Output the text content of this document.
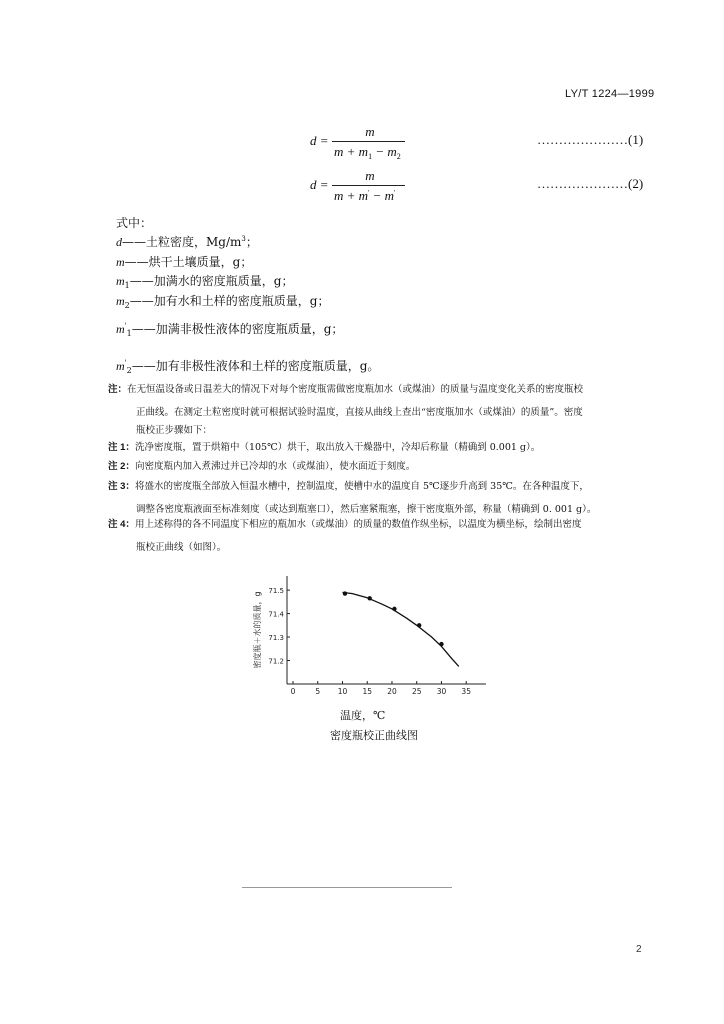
LY/T 1224—1999
d =
m
$m + m_1 - m_2$
…………………(1)
d =
m
m + m' − m'
…………………(2)
式中：
d——土粒密度，$Mg/m^3$；
m——烘干土壤质量，g；
$m_1——$加满水的密度瓶质量，g；
$m_2——$加有水和土样的密度瓶质量，g；
$m'_1——$加满非极性液体的密度瓶质量，g；
$m'_2——$加有非极性液体和土样的密度瓶质量，g。
注：在无恒温设备或日温差大的情况下对每个密度瓶需做密度瓶加水（或煤油）的质量与温度变化关系的密度瓶校
正曲线。在测定土粒密度时就可根据试验时温度，直接从曲线上查出“密度瓶加水（或煤油）的质量”。密度
瓶校正步骤如下：
注 1：洗净密度瓶，置于烘箱中（105℃）烘干，取出放入干燥器中，冷却后称量（精确到 0.001 g）。
注 2：向密度瓶内加入煮沸过并已冷却的水（或煤油），使水面近于刻度。
注 3：将盛水的密度瓶全部放入恒温水槽中，控制温度，使槽中水的温度自 5℃逐步升高到 35℃。在各种温度下，
调整各密度瓶液面至标准刻度（或达到瓶塞口），然后塞紧瓶塞，擦干密度瓶外部，称量（精确到 0. 001 g）。
注 4：用上述称得的各不同温度下相应的瓶加水（或煤油）的质量的数值作纵坐标，以温度为横坐标，绘制出密度
瓶校正曲线（如图）。
密度瓶＋水的质量，g 71.2
71.3
71.4
71.5
0	5 10 15 20 25 30 35
温度，℃
密度瓶校正曲线图
2
